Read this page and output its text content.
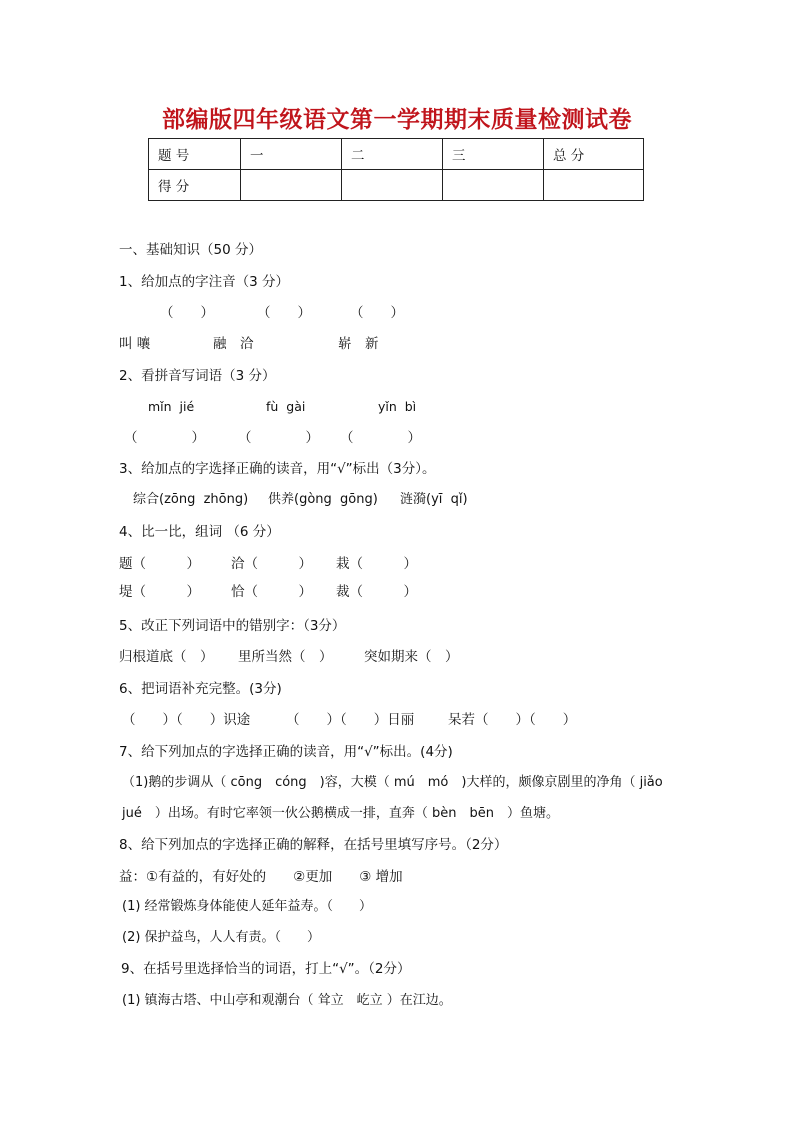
部编版四年级语文第一学期期末质量检测试卷
题 号	一	二	三	总 分
得 分				
一、基础知识（50 分）
1、给加点的字注音（3 分）
（　　）	（　　）	（　　）
叫 嚷	融　洽	崭　新
2、看拼音写词语（3 分）
mǐn  jié	fù  gài	yǐn  bì
（　　　　） （　　　　） （　　　　）
3、给加点的字选择正确的读音，用“√”标出（3分）。
综合(zōng  zhōng) 供养(gòng  gōng) 涟漪(yī  qǐ)
4、比一比，组词 （6 分）
题（　　　） 洽（　　　） 栽（　　　）
堤（　　　） 恰（　　　） 裁（　　　）
5、改正下列词语中的错别字：（3分）
归根道底（　） 里所当然（　） 突如期来（　）
6、把词语补充完整。(3分)
（　　）（　　）识途	（　　）（　　）日丽	呆若（　　）（　　）
7、给下列加点的字选择正确的读音，用“√”标出。(4分)
（1)鹅的步调从（ cōng　cóng　)容，大模（ mú　mó　)大样的，颇像京剧里的净角（ jiǎo
jué　）出场。有时它率领一伙公鹅横成一排，直奔（ bèn　bēn　）鱼塘。
8、给下列加点的字选择正确的解释，在括号里填写序号。（2分）
益：①有益的，有好处的　　②更加　　③ 增加
(1) 经常锻炼身体能使人延年益寿。（　　）
(2) 保护益鸟，人人有责。（　　）
9、在括号里选择恰当的词语，打上“√”。（2分）
(1) 镇海古塔、中山亭和观潮台（ 耸立　屹立 ）在江边。
